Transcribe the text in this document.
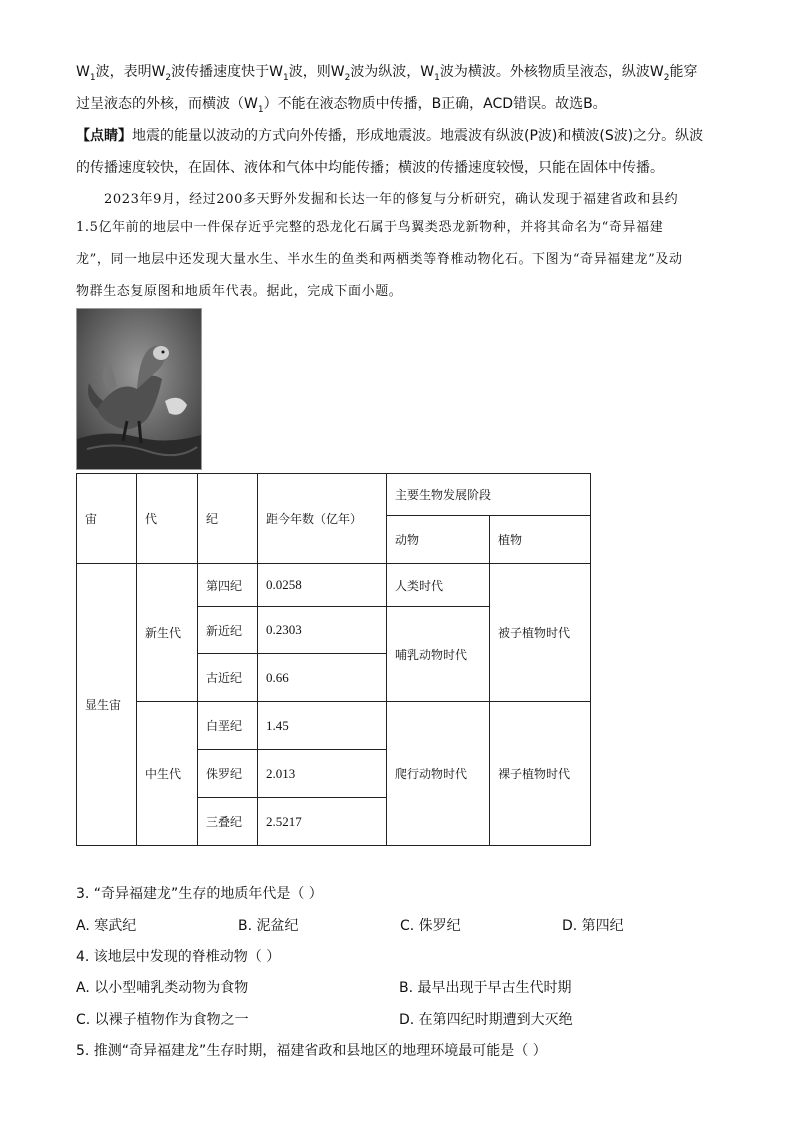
$W_1$波，表明$W_2$波传播速度快于$W_1$波，则$W_2$波为纵波，$W_1$波为横波。外核物质呈液态，纵波$W_2$能穿
过呈液态的外核，而横波$(W_1)$不能在液态物质中传播，B正确，ACD错误。故选B。
【点睛】地震的能量以波动的方式向外传播，形成地震波。地震波有纵波(P波)和横波(S波)之分。纵波
的传播速度较快，在固体、液体和气体中均能传播；横波的传播速度较慢，只能在固体中传播。
2023年9月，经过200多天野外发掘和长达一年的修复与分析研究，确认发现于福建省政和县约
1.5亿年前的地层中一件保存近乎完整的恐龙化石属于鸟翼类恐龙新物种，并将其命名为“奇异福建
龙”，同一地层中还发现大量水生、半水生的鱼类和两栖类等脊椎动物化石。下图为“奇异福建龙”及动
物群生态复原图和地质年代表。据此，完成下面小题。
宙	代	纪	距今年数（亿年）	主要生物发展阶段	
				动物	植物
显生宙	新生代	第四纪	0.0258	人类时代	被子植物时代
		新近纪	0.2303	哺乳动物时代	
		古近纪	0.66		
	中生代	白垩纪	1.45	爬行动物时代	裸子植物时代
		侏罗纪	2.013		
		三叠纪	2.5217		
3. “奇异福建龙”生存的地质年代是（ ）
A. 寒武纪	B. 泥盆纪	C. 侏罗纪	D. 第四纪
4. 该地层中发现的脊椎动物（ ）
A. 以小型哺乳类动物为食物	B. 最早出现于早古生代时期
C. 以裸子植物作为食物之一	D. 在第四纪时期遭到大灭绝
5. 推测“奇异福建龙”生存时期，福建省政和县地区的地理环境最可能是（ ）
